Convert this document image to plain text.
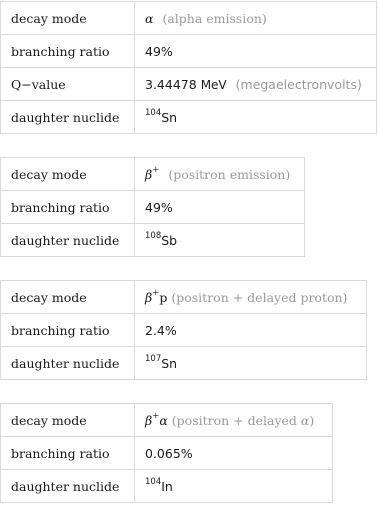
decay mode	α (alpha emission)
branching ratio	49%
Q−value	3.44478 MeV (megaelectronvolts)
daughter nuclide	$^{104}$Sn
decay mode	β+ (positron emission)
branching ratio	49%
daughter nuclide	$^{108}$Sb
decay mode	β+p (positron + delayed proton)
branching ratio	2.4%
daughter nuclide	$^{107}$Sn
decay mode	β+α (positron + delayed α)
branching ratio	0.065%
daughter nuclide	$^{104}$In
